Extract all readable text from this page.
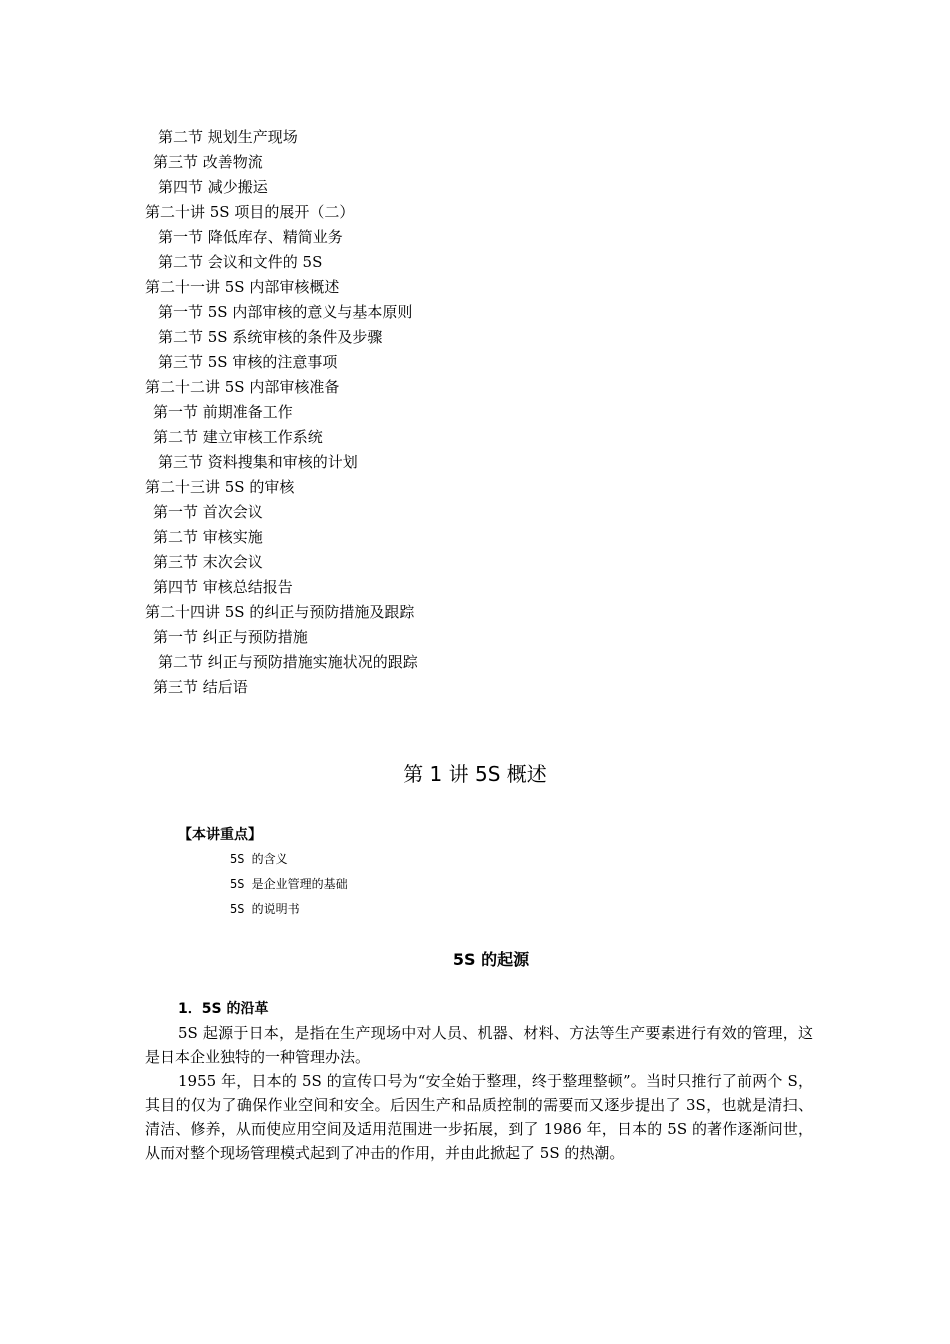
第二节 规划生产现场
第三节 改善物流
第四节 减少搬运
第二十讲 5S 项目的展开（二）
第一节 降低库存、精简业务
第二节 会议和文件的 5S
第二十一讲 5S 内部审核概述
第一节 5S 内部审核的意义与基本原则
第二节 5S 系统审核的条件及步骤
第三节 5S 审核的注意事项
第二十二讲 5S 内部审核准备
第一节 前期准备工作
第二节 建立审核工作系统
第三节 资料搜集和审核的计划
第二十三讲 5S 的审核
第一节 首次会议
第二节 审核实施
第三节 末次会议
第四节 审核总结报告
第二十四讲 5S 的纠正与预防措施及跟踪
第一节 纠正与预防措施
第二节 纠正与预防措施实施状况的跟踪
第三节 结后语
第 1 讲 5S 概述
【本讲重点】
5S 的含义
5S 是企业管理的基础
5S 的说明书
5S 的起源
1．5S 的沿革

5S 起源于日本，是指在生产现场中对人员、机器、材料、方法等生产要素进行有效的管理，这是日本企业独特的一种管理办法。

1955 年，日本的 5S 的宣传口号为“安全始于整理，终于整理整顿”。当时只推行了前两个 S，其目的仅为了确保作业空间和安全。后因生产和品质控制的需要而又逐步提出了 3S，也就是清扫、清洁、修养，从而使应用空间及适用范围进一步拓展，到了 1986 年，日本的 5S 的著作逐渐问世，从而对整个现场管理模式起到了冲击的作用，并由此掀起了 5S 的热潮。
